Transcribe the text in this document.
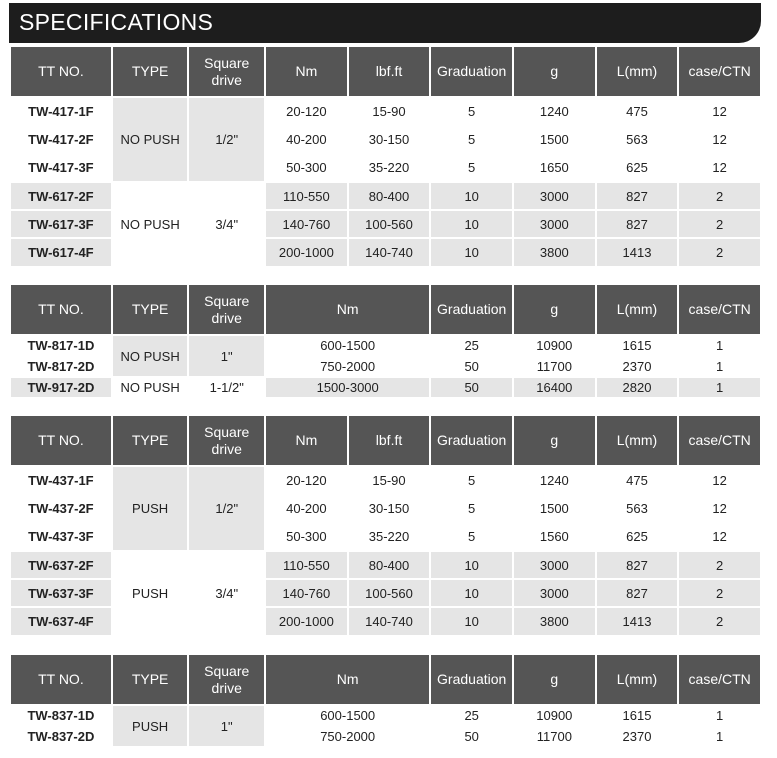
SPECIFICATIONS
TT NO.	TYPE	Square
drive	Nm	lbf.ft	Graduation	g	L(mm)	case/CTN
TW-417-1F	NO PUSH	1/2"	20-120	15-90	5	1240	475	12
TW-417-2F			40-200	30-150	5	1500	563	12
TW-417-3F			50-300	35-220	5	1650	625	12
TW-617-2F	NO PUSH	3/4"	110-550	80-400	10	3000	827	2
TW-617-3F			140-760	100-560	10	3000	827	2
TW-617-4F			200-1000	140-740	10	3800	1413	2
TT NO.	TYPE	Square
drive	Nm	Graduation	g	L(mm)	case/CTN
TW-817-1D	NO PUSH	1"	600-1500	25	10900	1615	1
TW-817-2D			750-2000	50	11700	2370	1
TW-917-2D	NO PUSH	1-1/2"	1500-3000	50	16400	2820	1
TT NO.	TYPE	Square
drive	Nm	lbf.ft	Graduation	g	L(mm)	case/CTN
TW-437-1F	PUSH	1/2"	20-120	15-90	5	1240	475	12
TW-437-2F			40-200	30-150	5	1500	563	12
TW-437-3F			50-300	35-220	5	1560	625	12
TW-637-2F	PUSH	3/4"	110-550	80-400	10	3000	827	2
TW-637-3F			140-760	100-560	10	3000	827	2
TW-637-4F			200-1000	140-740	10	3800	1413	2
TT NO.	TYPE	Square
drive	Nm	Graduation	g	L(mm)	case/CTN
TW-837-1D	PUSH	1"	600-1500	25	10900	1615	1
TW-837-2D			750-2000	50	11700	2370	1
